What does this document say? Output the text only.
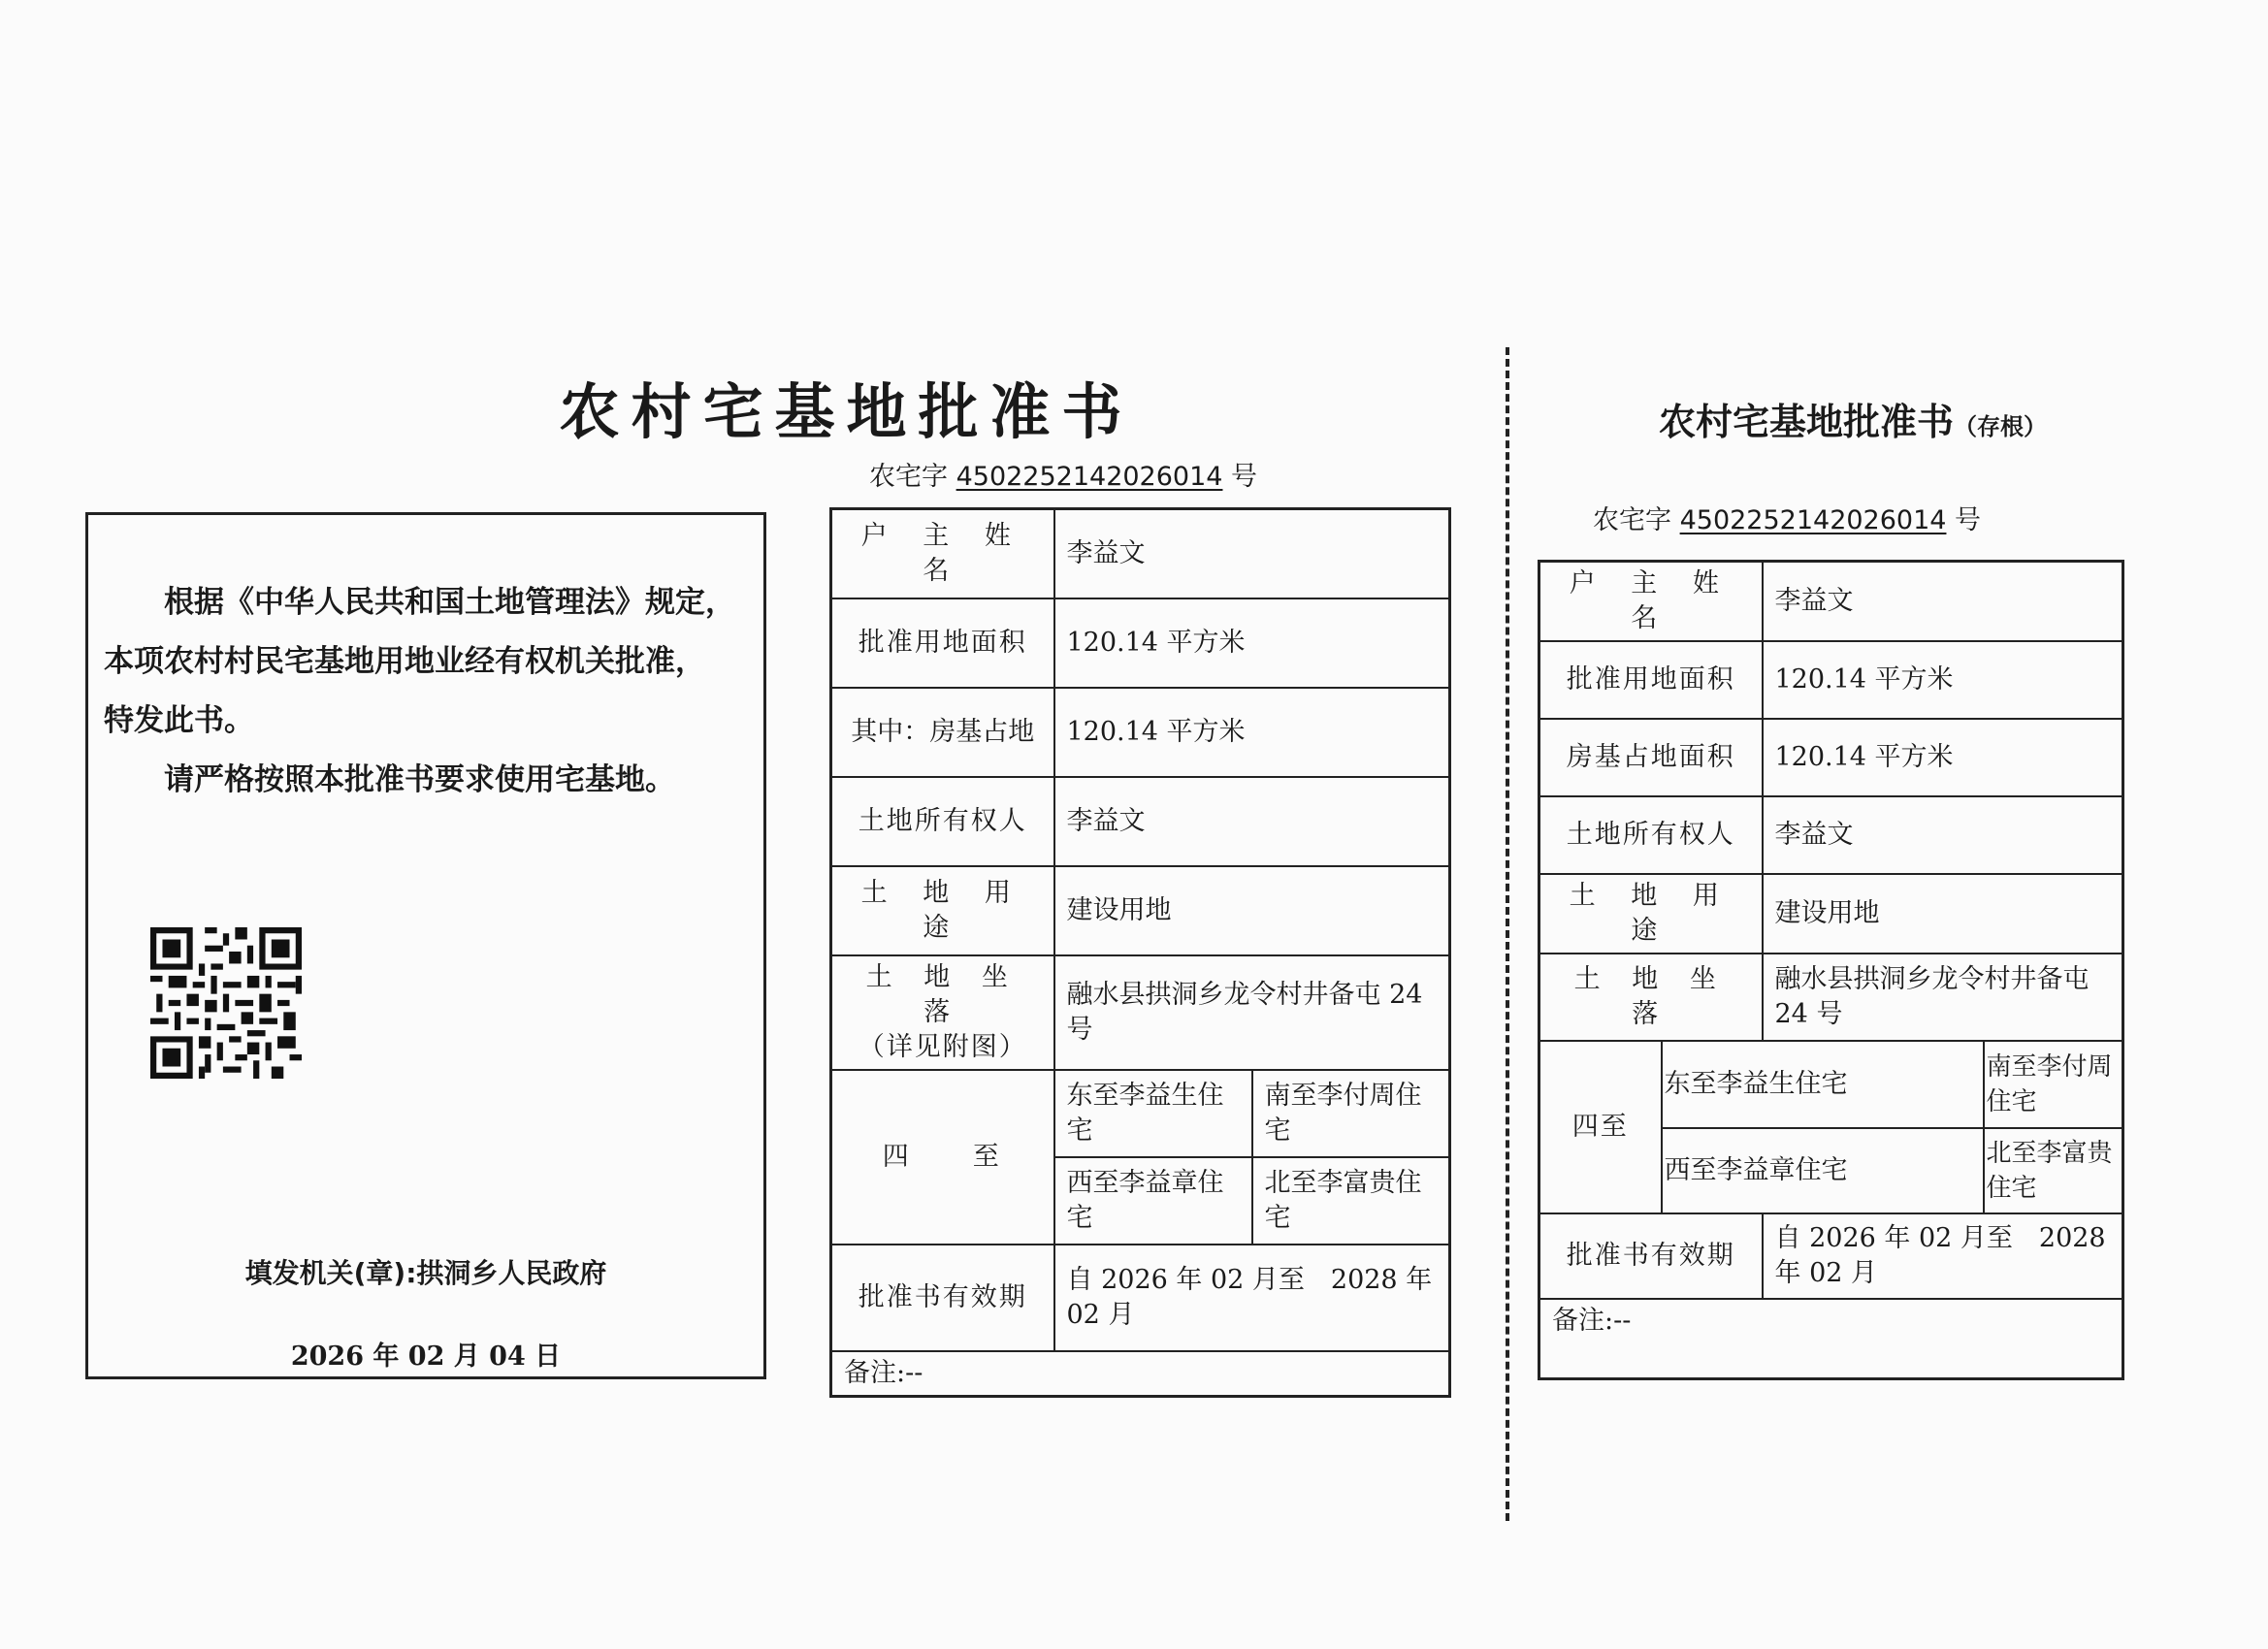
农村宅基地批准书
农宅字 4502252142026014 号
根据《中华人民共和国土地管理法》规定，
本项农村村民宅基地用地业经有权机关批准，
特发此书。
请严格按照本批准书要求使用宅基地。
填发机关(章):拱洞乡人民政府
2026 年 02 月 04 日
户 主 姓 名	李益文	
批准用地面积	120.14 平方米	
其中：房基占地	120.14 平方米	
土地所有权人	李益文	
土 地 用 途	建设用地	

土 地 坐 落
（详见附图）	融水县拱洞乡龙令村井备屯 24 号	
四　　至	东至李益生住宅	南至李付周住宅
	西至李益章住宅	北至李富贵住宅
批准书有效期	自 2026 年 02 月至　2028 年 02 月	
备注:--		
农村宅基地批准书（存根）
农宅字 4502252142026014 号
户 主 姓 名		李益文	
批准用地面积		120.14 平方米	
房基占地面积		120.14 平方米	
土地所有权人		李益文	
土 地 用 途		建设用地	
土 地 坐 落		融水县拱洞乡龙令村井备屯 24 号	
四至	东至李益生住宅		南至李付周住宅
	西至李益章住宅		北至李富贵住宅
批准书有效期		自 2026 年 02 月至　2028 年 02 月	
备注:--			
